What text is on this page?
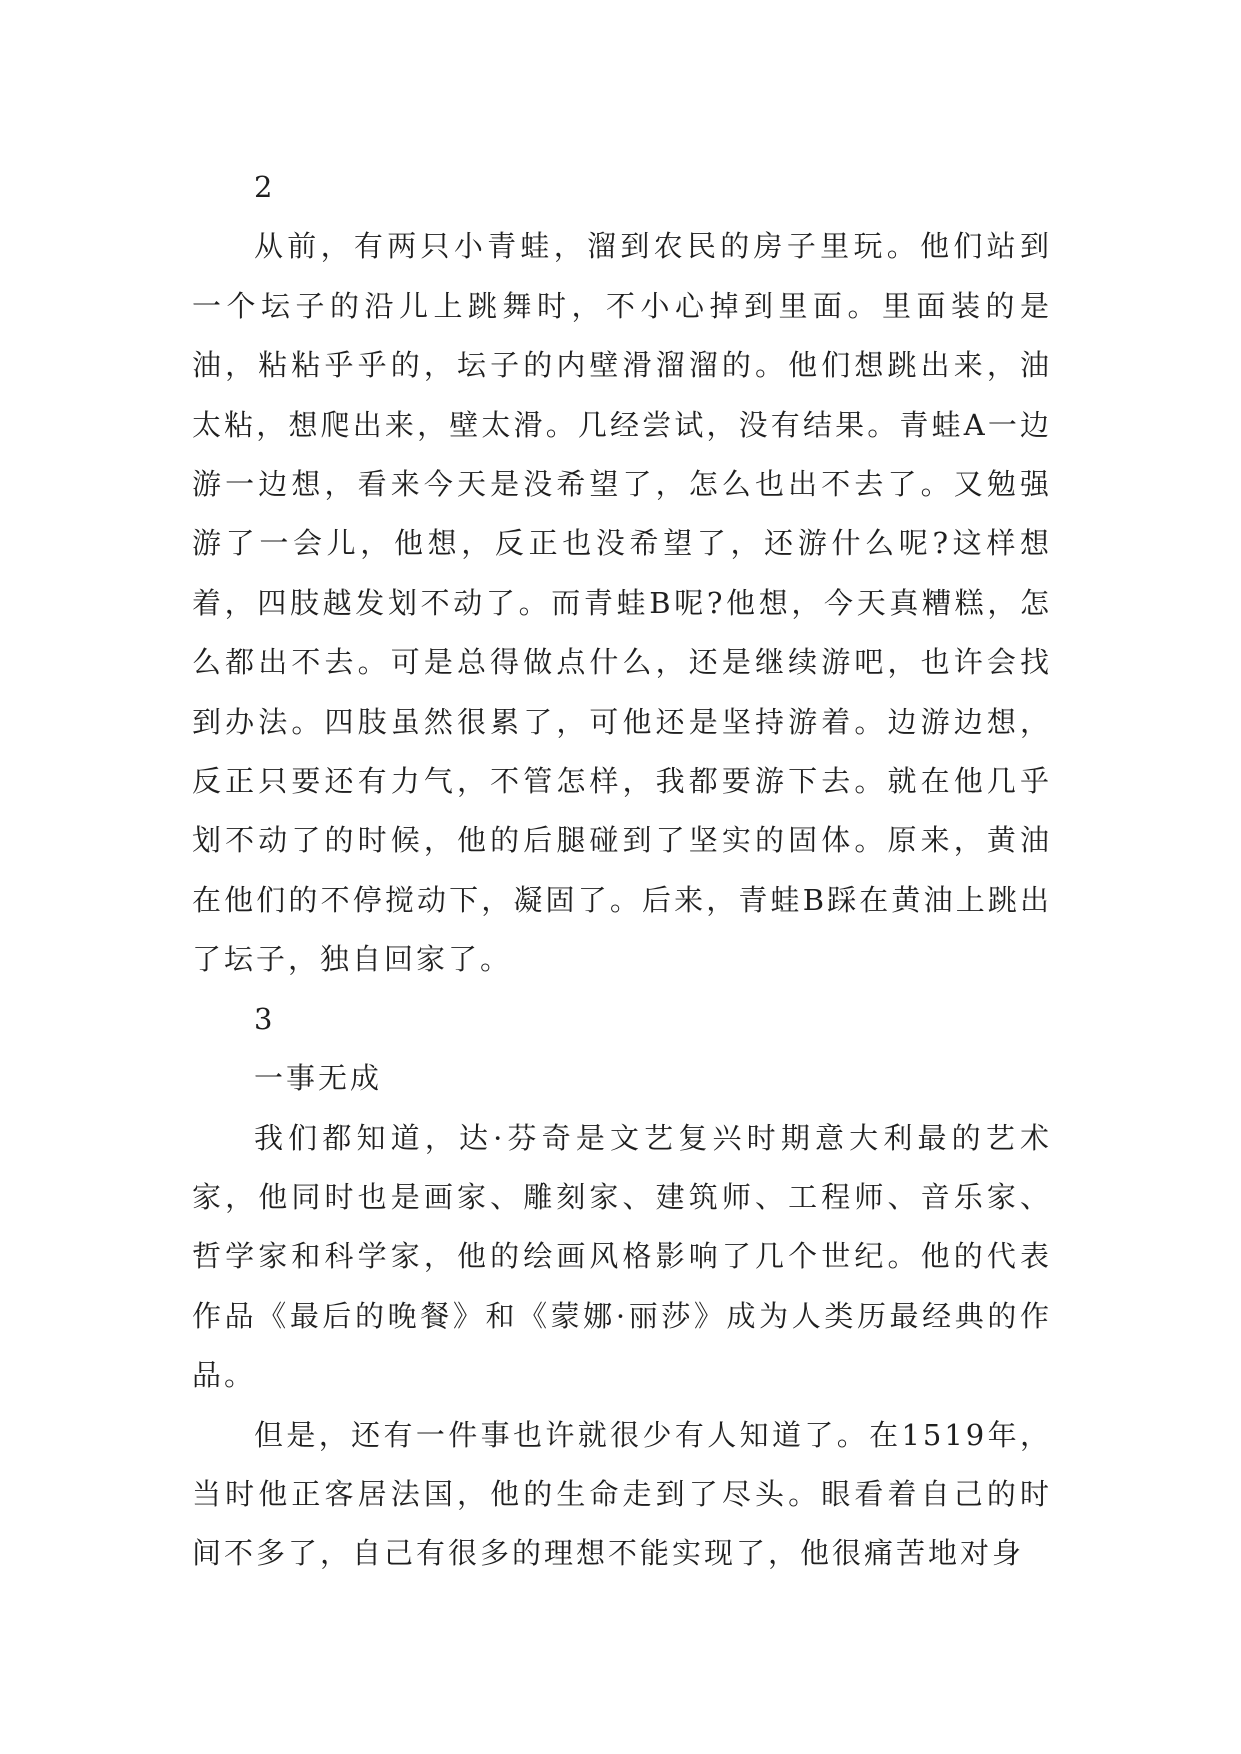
2

从前，有两只小青蛙，溜到农民的房子里玩。他们站到一个坛子的沿儿上跳舞时，不小心掉到里面。里面装的是油，粘粘乎乎的，坛子的内壁滑溜溜的。他们想跳出来，油太粘，想爬出来，壁太滑。几经尝试，没有结果。青蛙A一边游一边想，看来今天是没希望了，怎么也出不去了。又勉强游了一会儿，他想，反正也没希望了，还游什么呢?这样想着，四肢越发划不动了。而青蛙B呢?他想，今天真糟糕，怎么都出不去。可是总得做点什么，还是继续游吧，也许会找到办法。四肢虽然很累了，可他还是坚持游着。边游边想，反正只要还有力气，不管怎样，我都要游下去。就在他几乎划不动了的时候，他的后腿碰到了坚实的固体。原来，黄油在他们的不停搅动下，凝固了。后来，青蛙B踩在黄油上跳出了坛子，独自回家了。

3

一事无成

我们都知道，达·芬奇是文艺复兴时期意大利最的艺术家，他同时也是画家、雕刻家、建筑师、工程师、音乐家、哲学家和科学家，他的绘画风格影响了几个世纪。他的代表作品《最后的晚餐》和《蒙娜·丽莎》成为人类历最经典的作品。

但是，还有一件事也许就很少有人知道了。在1519年，当时他正客居法国，他的生命走到了尽头。眼看着自己的时间不多了，自己有很多的理想不能实现了，他很痛苦地对身
